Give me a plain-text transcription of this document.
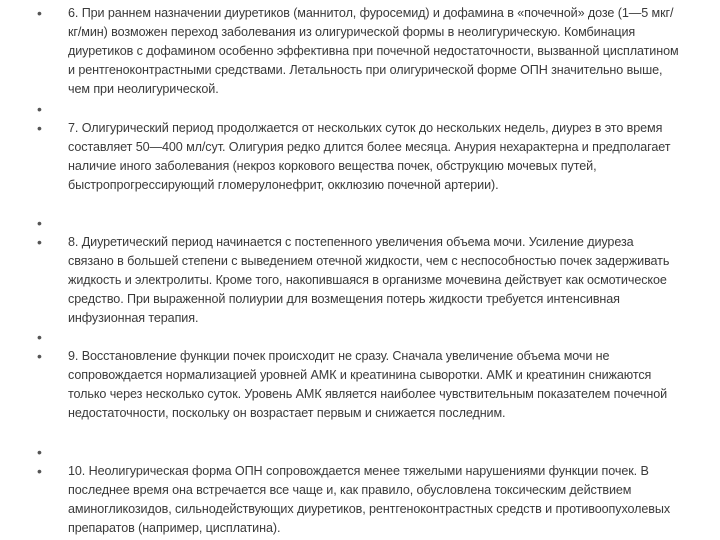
•	6. При раннем назначении диуретиков (маннитол, фуросемид) и дофамина в «почечной» дозе (1—5 мкг/кг/мин) возможен переход заболевания из олигурической формы в неолигурическую. Комбинация диуретиков с дофамином особенно эффективна при почечной недостаточности, вызванной цисплатином и рентгеноконтрастными средствами. Летальность при олигурической форме ОПН значительно выше, чем при неолигурической.
•
•	7. Олигурический период продолжается от нескольких суток до нескольких недель, диурез в это время составляет 50—400 мл/сут. Олигурия редко длится более месяца. Анурия нехарактерна и предполагает наличие иного заболевания (некроз коркового вещества почек, обструкцию мочевых путей, быстропрогрессирующий гломерулонефрит, окклюзию почечной артерии).
•
•	8. Диуретический период начинается с постепенного увеличения объема мочи. Усиление диуреза связано в большей степени с выведением отечной жидкости, чем с неспособностью почек задерживать жидкость и электролиты. Кроме того, накопившаяся в организме мочевина действует как осмотическое средство. При выраженной полиурии для возмещения потерь жидкости требуется интенсивная инфузионная терапия.
•
•	9. Восстановление функции почек происходит не сразу. Сначала увеличение объема мочи не сопровождается нормализацией уровней АМК и креатинина сыворотки. АМК и креатинин снижаются только через несколько суток. Уровень АМК является наиболее чувствительным показателем почечной недостаточности, поскольку он возрастает первым и снижается последним.
•
•	10. Неолигурическая форма ОПН сопровождается менее тяжелыми нарушениями функции почек. В последнее время она встречается все чаще и, как правило, обусловлена токсическим действием аминогликозидов, сильнодействующих диуретиков, рентгеноконтрастных средств и противоопухолевых препаратов (например, цисплатина).
